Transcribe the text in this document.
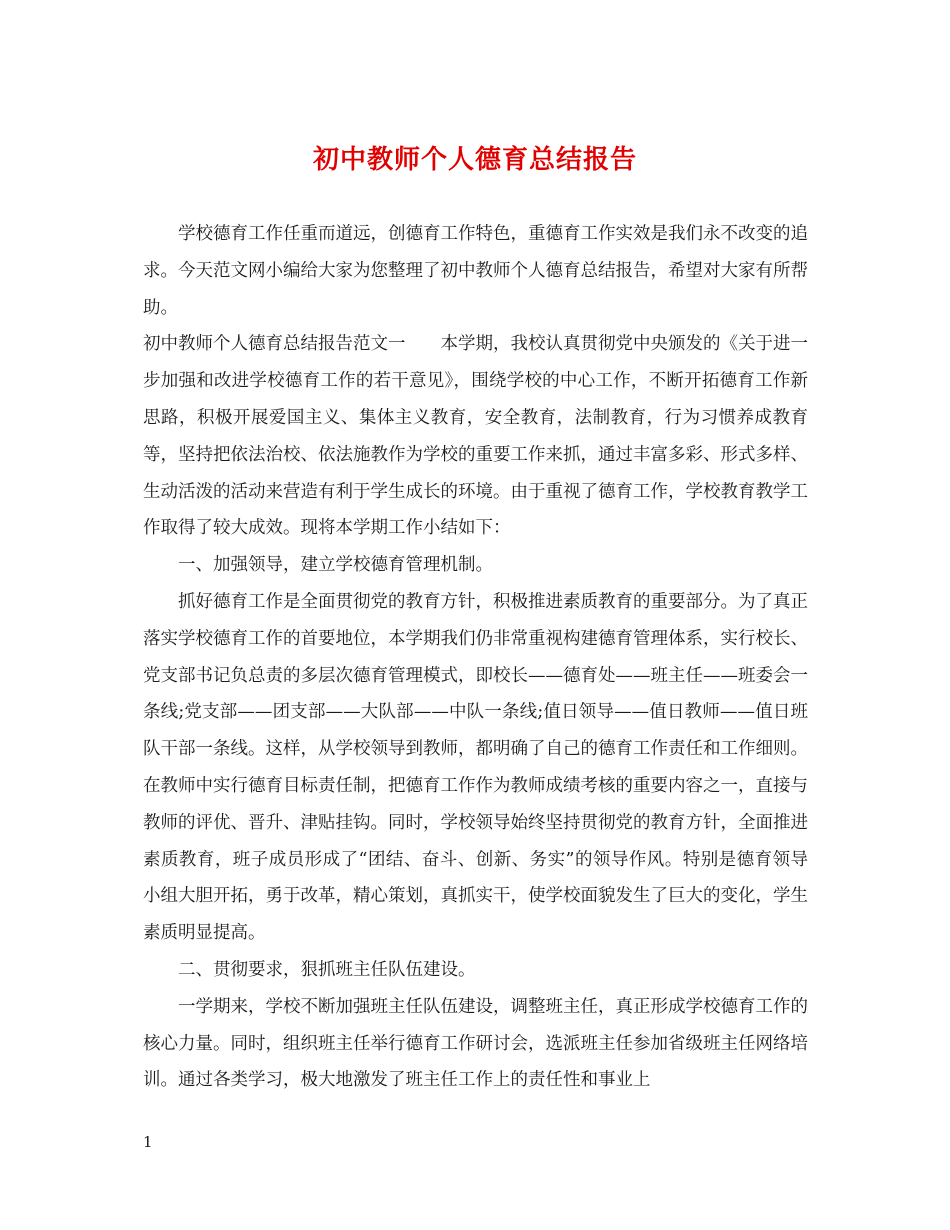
初中教师个人德育总结报告

学校德育工作任重而道远，创德育工作特色，重德育工作实效是我们永不改变的追求。今天范文网小编给大家为您整理了初中教师个人德育总结报告，希望对大家有所帮助。

初中教师个人德育总结报告范文一　　本学期，我校认真贯彻党中央颁发的《关于进一步加强和改进学校德育工作的若干意见》，围绕学校的中心工作，不断开拓德育工作新思路，积极开展爱国主义、集体主义教育，安全教育，法制教育，行为习惯养成教育等，坚持把依法治校、依法施教作为学校的重要工作来抓，通过丰富多彩、形式多样、生动活泼的活动来营造有利于学生成长的环境。由于重视了德育工作，学校教育教学工作取得了较大成效。现将本学期工作小结如下：

一、加强领导，建立学校德育管理机制。

抓好德育工作是全面贯彻党的教育方针，积极推进素质教育的重要部分。为了真正落实学校德育工作的首要地位，本学期我们仍非常重视构建德育管理体系，实行校长、党支部书记负总责的多层次德育管理模式，即校长——德育处——班主任——班委会一条线;党支部——团支部——大队部——中队一条线;值日领导——值日教师——值日班队干部一条线。这样，从学校领导到教师，都明确了自己的德育工作责任和工作细则。在教师中实行德育目标责任制，把德育工作作为教师成绩考核的重要内容之一，直接与教师的评优、晋升、津贴挂钩。同时，学校领导始终坚持贯彻党的教育方针，全面推进素质教育，班子成员形成了“团结、奋斗、创新、务实”的领导作风。特别是德育领导小组大胆开拓，勇于改革，精心策划，真抓实干，使学校面貌发生了巨大的变化，学生素质明显提高。

二、贯彻要求，狠抓班主任队伍建设。

一学期来，学校不断加强班主任队伍建设，调整班主任，真正形成学校德育工作的核心力量。同时，组织班主任举行德育工作研讨会，选派班主任参加省级班主任网络培训。通过各类学习，极大地激发了班主任工作上的责任性和事业上

1
